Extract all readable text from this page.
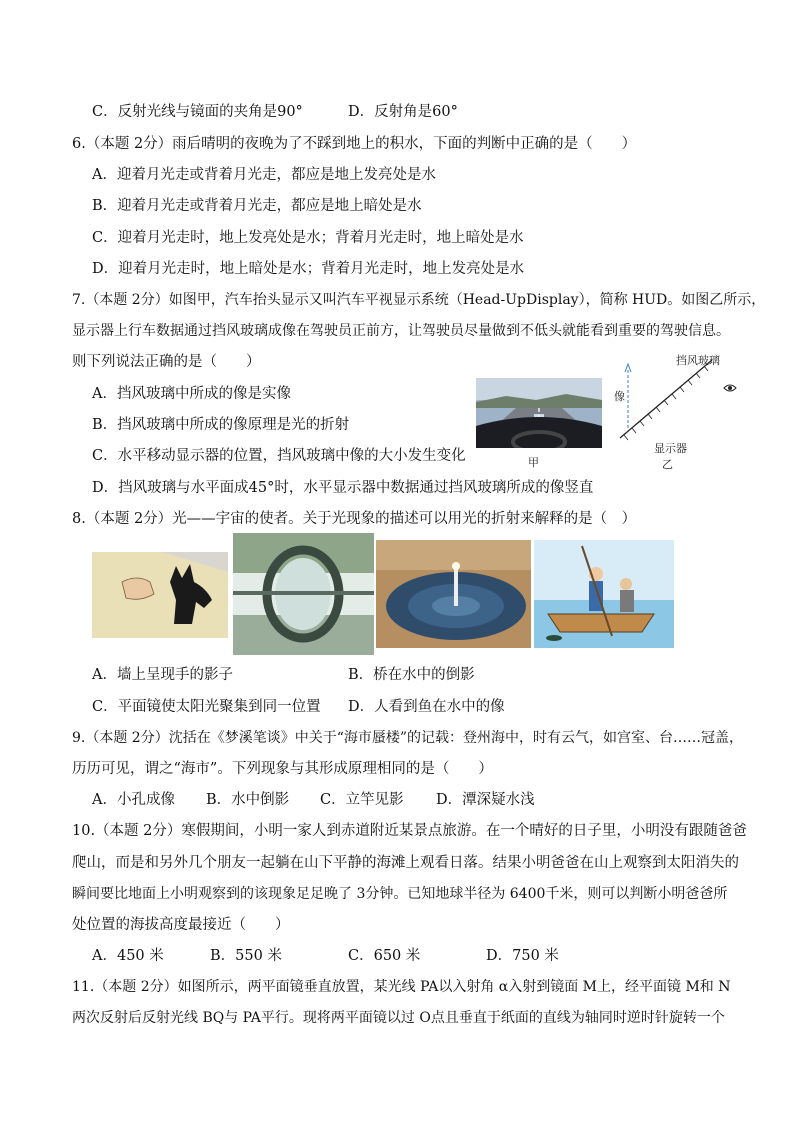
C．反射光线与镜面的夹角是90°	D．反射角是60°
6.（本题 2分）雨后晴明的夜晚为了不踩到地上的积水，下面的判断中正确的是（　　）
A．迎着月光走或背着月光走，都应是地上发亮处是水
B．迎着月光走或背着月光走，都应是地上暗处是水
C．迎着月光走时，地上发亮处是水；背着月光走时，地上暗处是水
D．迎着月光走时，地上暗处是水；背着月光走时，地上发亮处是水
7.（本题 2分）如图甲，汽车抬头显示又叫汽车平视显示系统（Head-UpDisplay），简称 HUD。如图乙所示，
显示器上行车数据通过挡风玻璃成像在驾驶员正前方，让驾驶员尽量做到不低头就能看到重要的驾驶信息。
则下列说法正确的是（　　）
A．挡风玻璃中所成的像是实像
B．挡风玻璃中所成的像原理是光的折射
C．水平移动显示器的位置，挡风玻璃中像的大小发生变化
D．挡风玻璃与水平面成45°时，水平显示器中数据通过挡风玻璃所成的像竖直
甲
挡风玻璃
像
显示器
乙
8.（本题 2分）光——宇宙的使者。关于光现象的描述可以用光的折射来解释的是（　）
A．墙上呈现手的影子	B．桥在水中的倒影
C．平面镜使太阳光聚集到同一位置 D．人看到鱼在水中的像
9.（本题 2分）沈括在《梦溪笔谈》中关于“海市蜃楼”的记载：登州海中，时有云气，如宫室、台……冠盖，
历历可见，谓之“海市”。下列现象与其形成原理相同的是（　　）
A．小孔成像 B．水中倒影 C．立竿见影 D．潭深疑水浅
10.（本题 2分）寒假期间，小明一家人到赤道附近某景点旅游。在一个晴好的日子里，小明没有跟随爸爸
爬山，而是和另外几个朋友一起躺在山下平静的海滩上观看日落。结果小明爸爸在山上观察到太阳消失的
瞬间要比地面上小明观察到的该现象足足晚了 3分钟。已知地球半径为 6400千米，则可以判断小明爸爸所
处位置的海拔高度最接近（　　）
A．450 米	B．550 米	C．650 米	D．750 米
11.（本题 2分）如图所示，两平面镜垂直放置，某光线 PA以入射角 α入射到镜面 M上，经平面镜 M和 N
两次反射后反射光线 BQ与 PA平行。现将两平面镜以过 O点且垂直于纸面的直线为轴同时逆时针旋转一个
